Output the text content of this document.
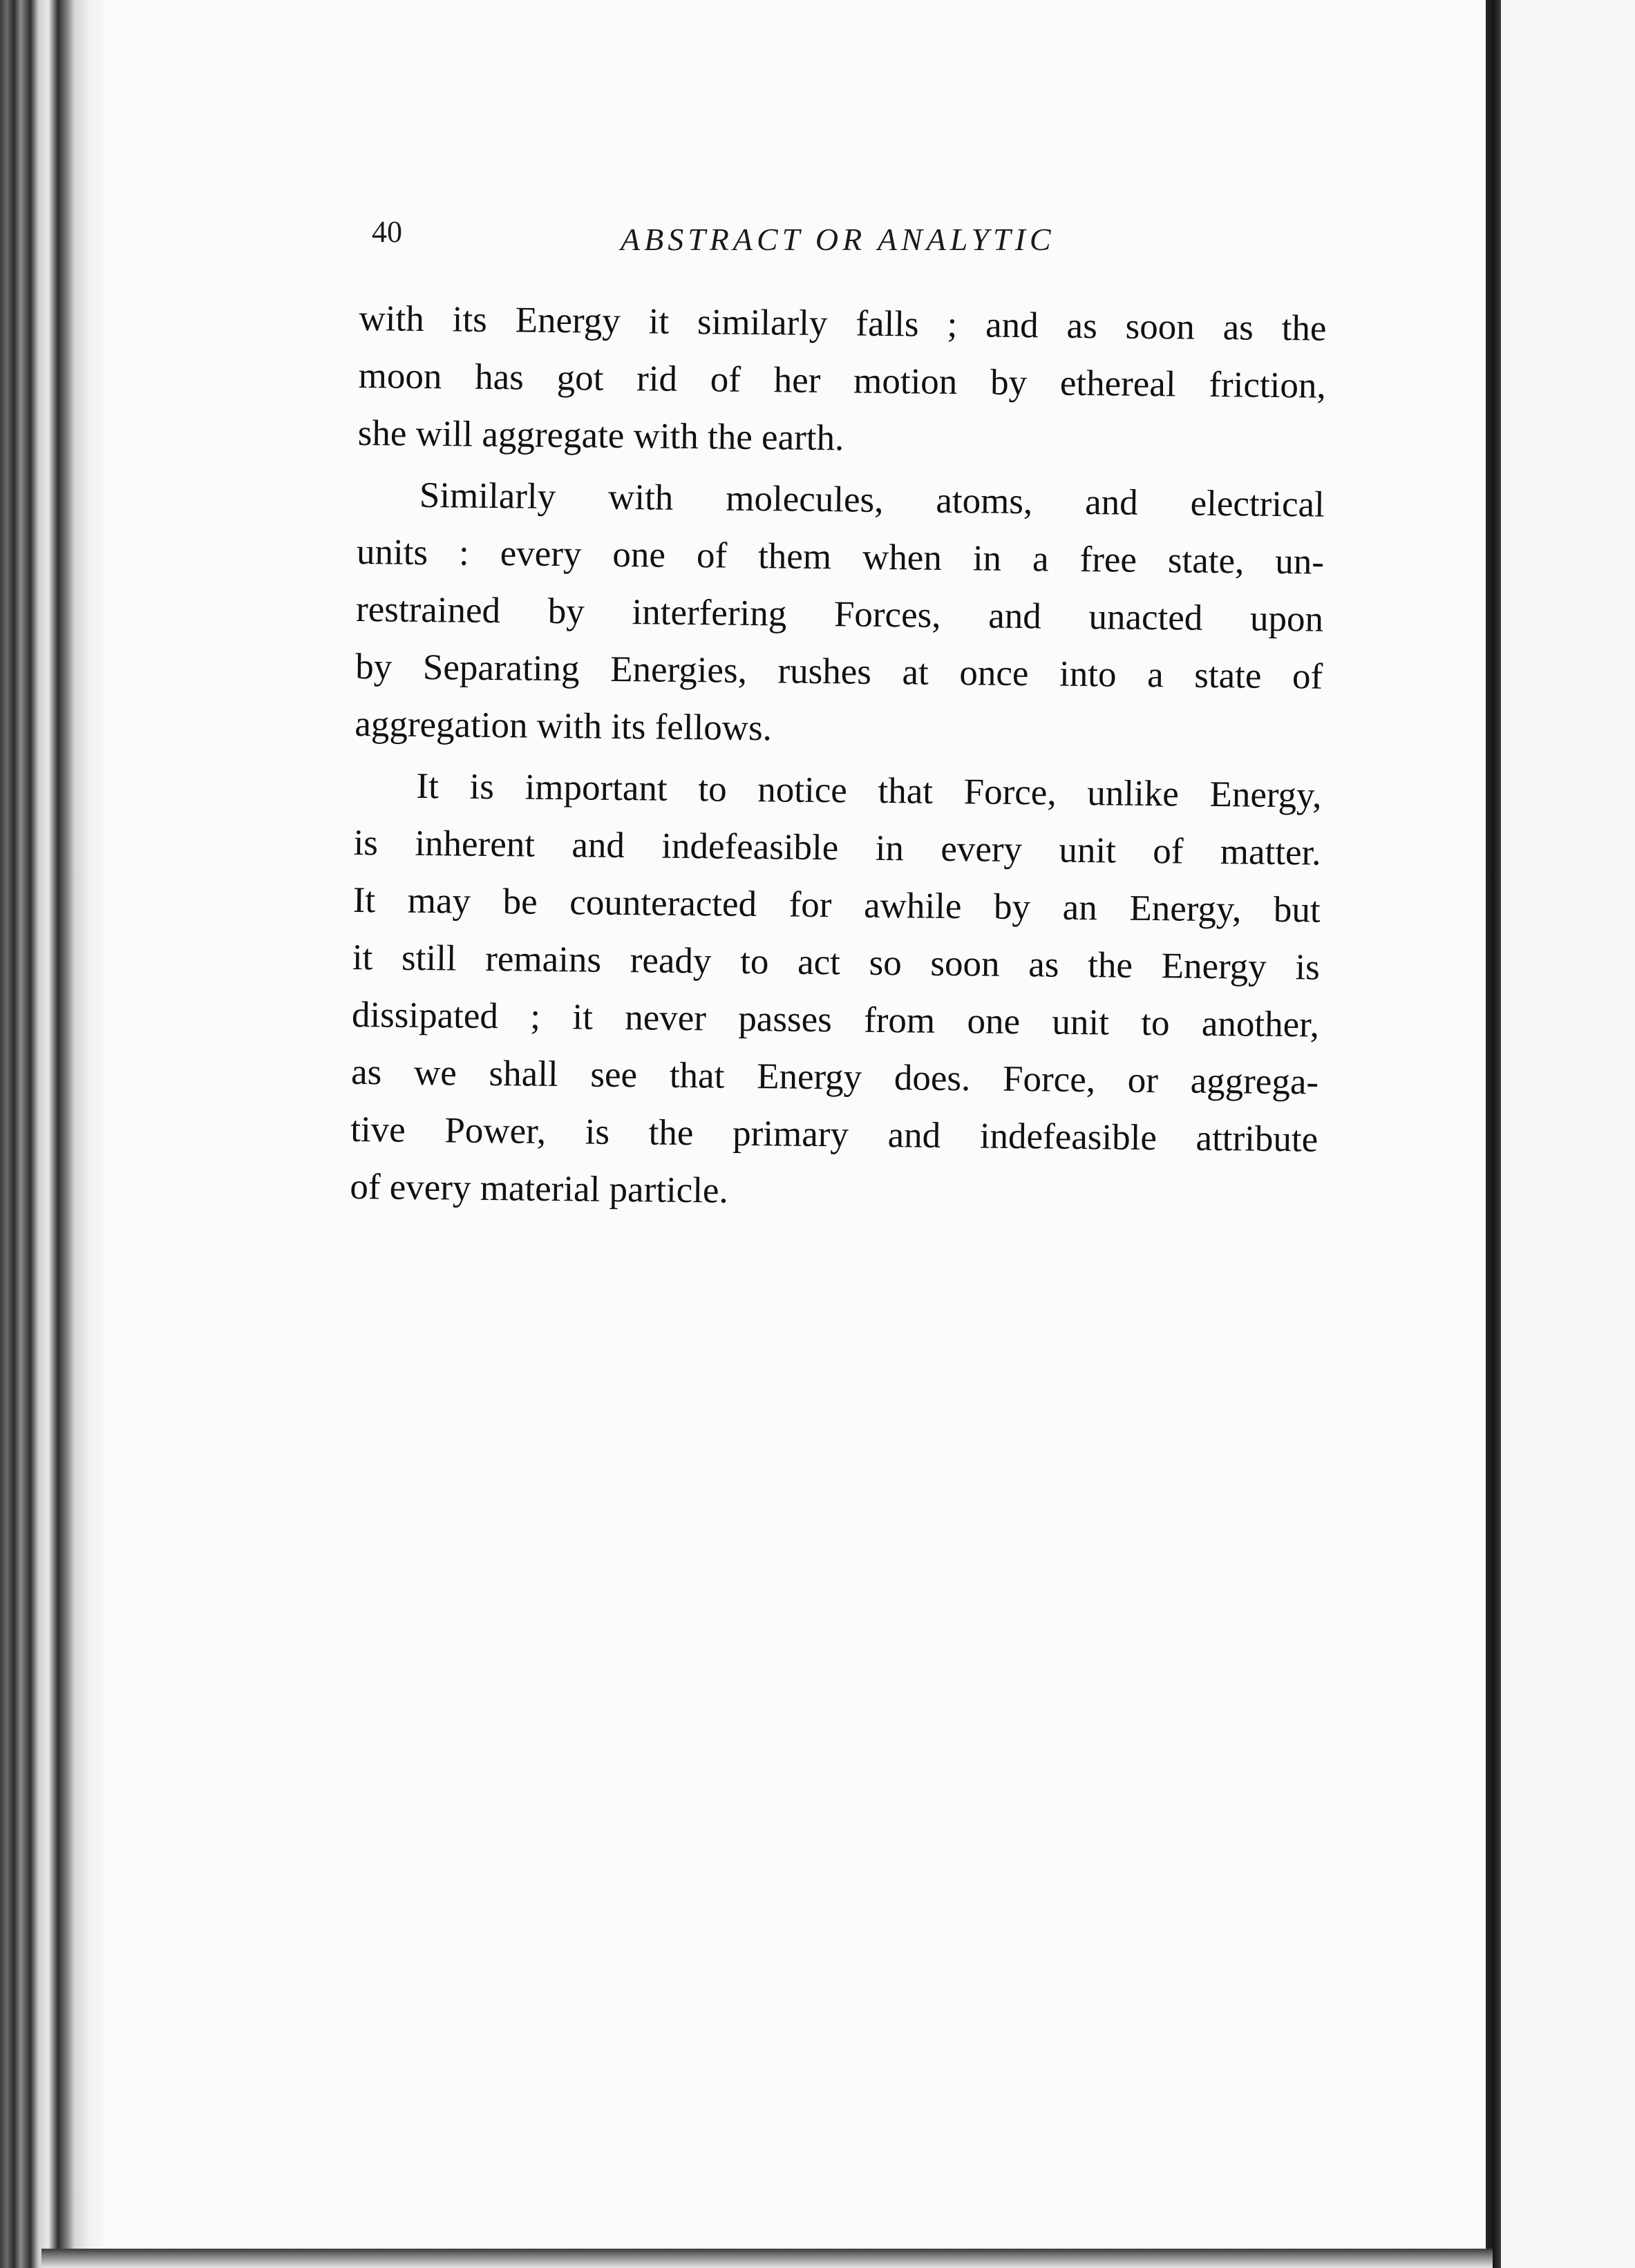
40	ABSTRACT OR ANALYTIC
with its Energy it similarly falls ; and as soon as the
moon has got rid of her motion by ethereal friction,
she will aggregate with the earth.
Similarly with molecules, atoms, and electrical
units : every one of them when in a free state, un-
restrained by interfering Forces, and unacted upon
by Separating Energies, rushes at once into a state of
aggregation with its fellows.
It is important to notice that Force, unlike Energy,
is inherent and indefeasible in every unit of matter.
It may be counteracted for awhile by an Energy, but
it still remains ready to act so soon as the Energy is
dissipated ; it never passes from one unit to another,
as we shall see that Energy does. Force, or aggrega-
tive Power, is the primary and indefeasible attribute
of every material particle.
